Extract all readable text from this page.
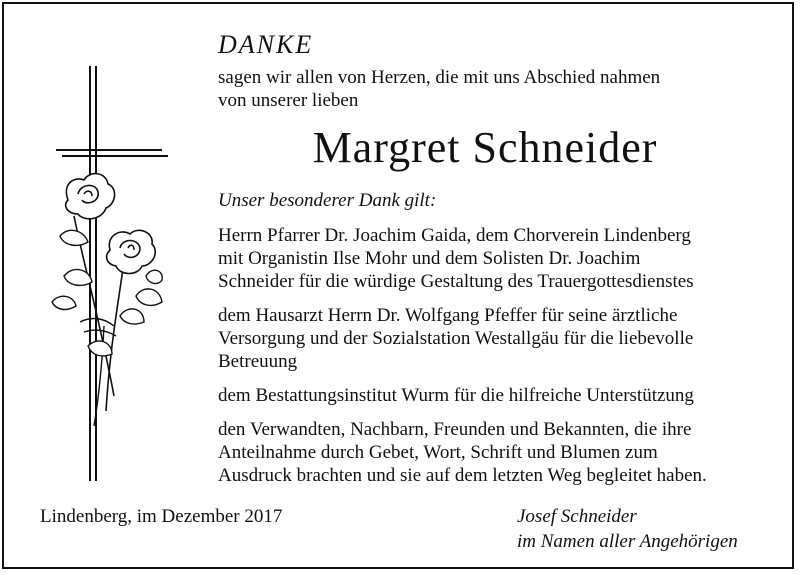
DANKE
sagen wir allen von Herzen, die mit uns Abschied nahmen
von unserer lieben
Margret Schneider
Unser besonderer Dank gilt:

Herrn Pfarrer Dr. Joachim Gaida, dem Chorverein Lindenberg
mit Organistin Ilse Mohr und dem Solisten Dr. Joachim
Schneider für die würdige Gestaltung des Trauergottesdienstes

dem Hausarzt Herrn Dr. Wolfgang Pfeffer für seine ärztliche
Versorgung und der Sozialstation Westallgäu für die liebevolle
Betreuung

dem Bestattungsinstitut Wurm für die hilfreiche Unterstützung

den Verwandten, Nachbarn, Freunden und Bekannten, die ihre
Anteilnahme durch Gebet, Wort, Schrift und Blumen zum
Ausdruck brachten und sie auf dem letzten Weg begleitet haben.

Lindenberg, im Dezember 2017	Josef Schneider
im Namen aller Angehörigen
